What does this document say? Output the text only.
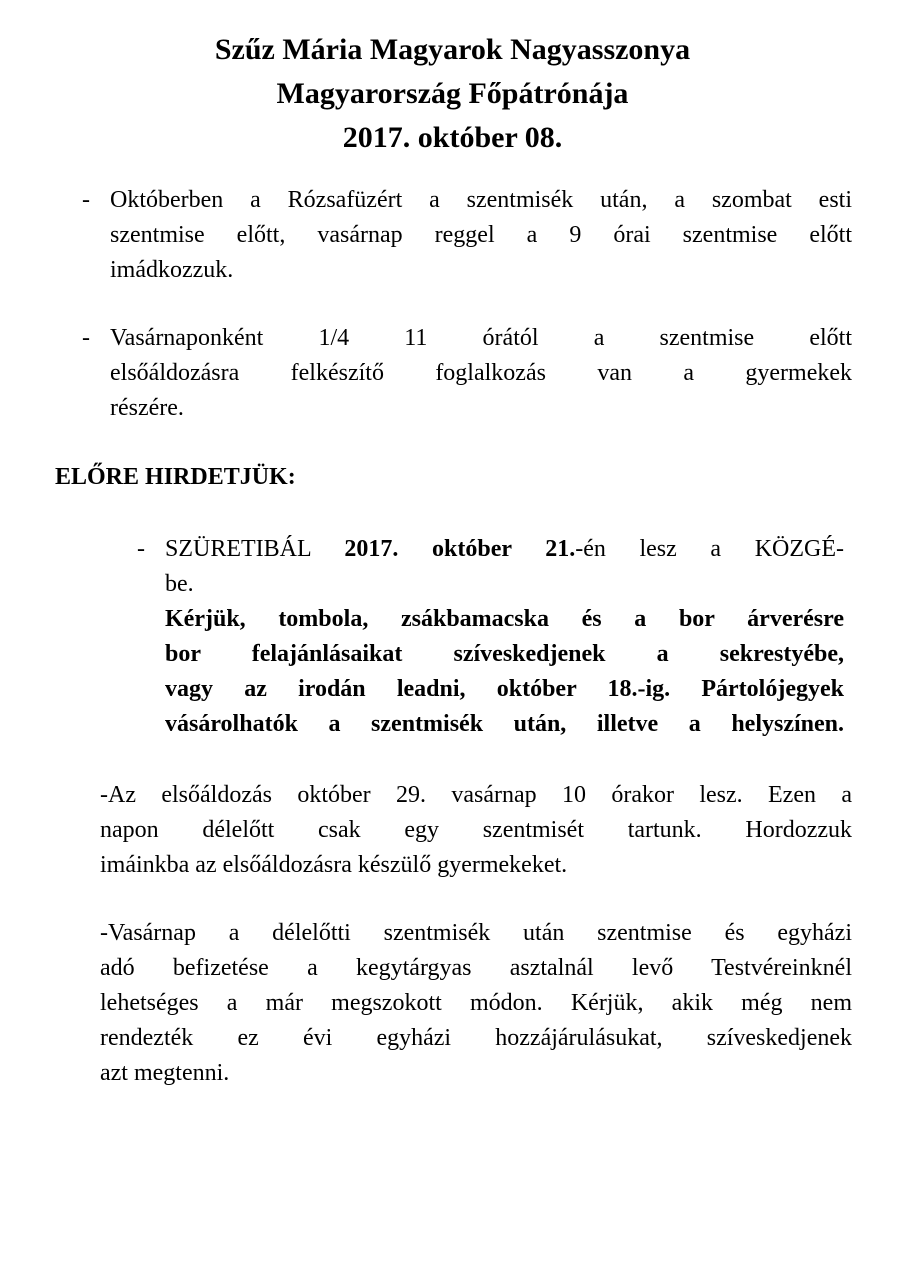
Szűz Mária Magyarok Nagyasszonya
Magyarország Főpátrónája
2017. október 08.
- Októberben a Rózsafüzért a szentmisék után, a szombat esti
szentmise előtt, vasárnap reggel a 9 órai szentmise előtt
imádkozzuk.
- Vasárnaponként 1/4 11 órától a szentmise előtt
elsőáldozásra felkészítő foglalkozás van a gyermekek
részére.
ELŐRE HIRDETJÜK:
- SZÜRETIBÁL 2017. október 21.-én lesz a KÖZGÉ-
be.
Kérjük, tombola, zsákbamacska és a bor árverésre
bor felajánlásaikat szíveskedjenek a sekrestyébe,
vagy az irodán leadni, október 18.-ig. Pártolójegyek
vásárolhatók a szentmisék után, illetve a helyszínen.
-Az elsőáldozás október 29. vasárnap 10 órakor lesz. Ezen a
napon délelőtt csak egy szentmisét tartunk. Hordozzuk
imáinkba az elsőáldozásra készülő gyermekeket.
-Vasárnap a délelőtti szentmisék után szentmise és egyházi
adó befizetése a kegytárgyas asztalnál levő Testvéreinknél
lehetséges a már megszokott módon. Kérjük, akik még nem
rendezték ez évi egyházi hozzájárulásukat, szíveskedjenek
azt megtenni.
